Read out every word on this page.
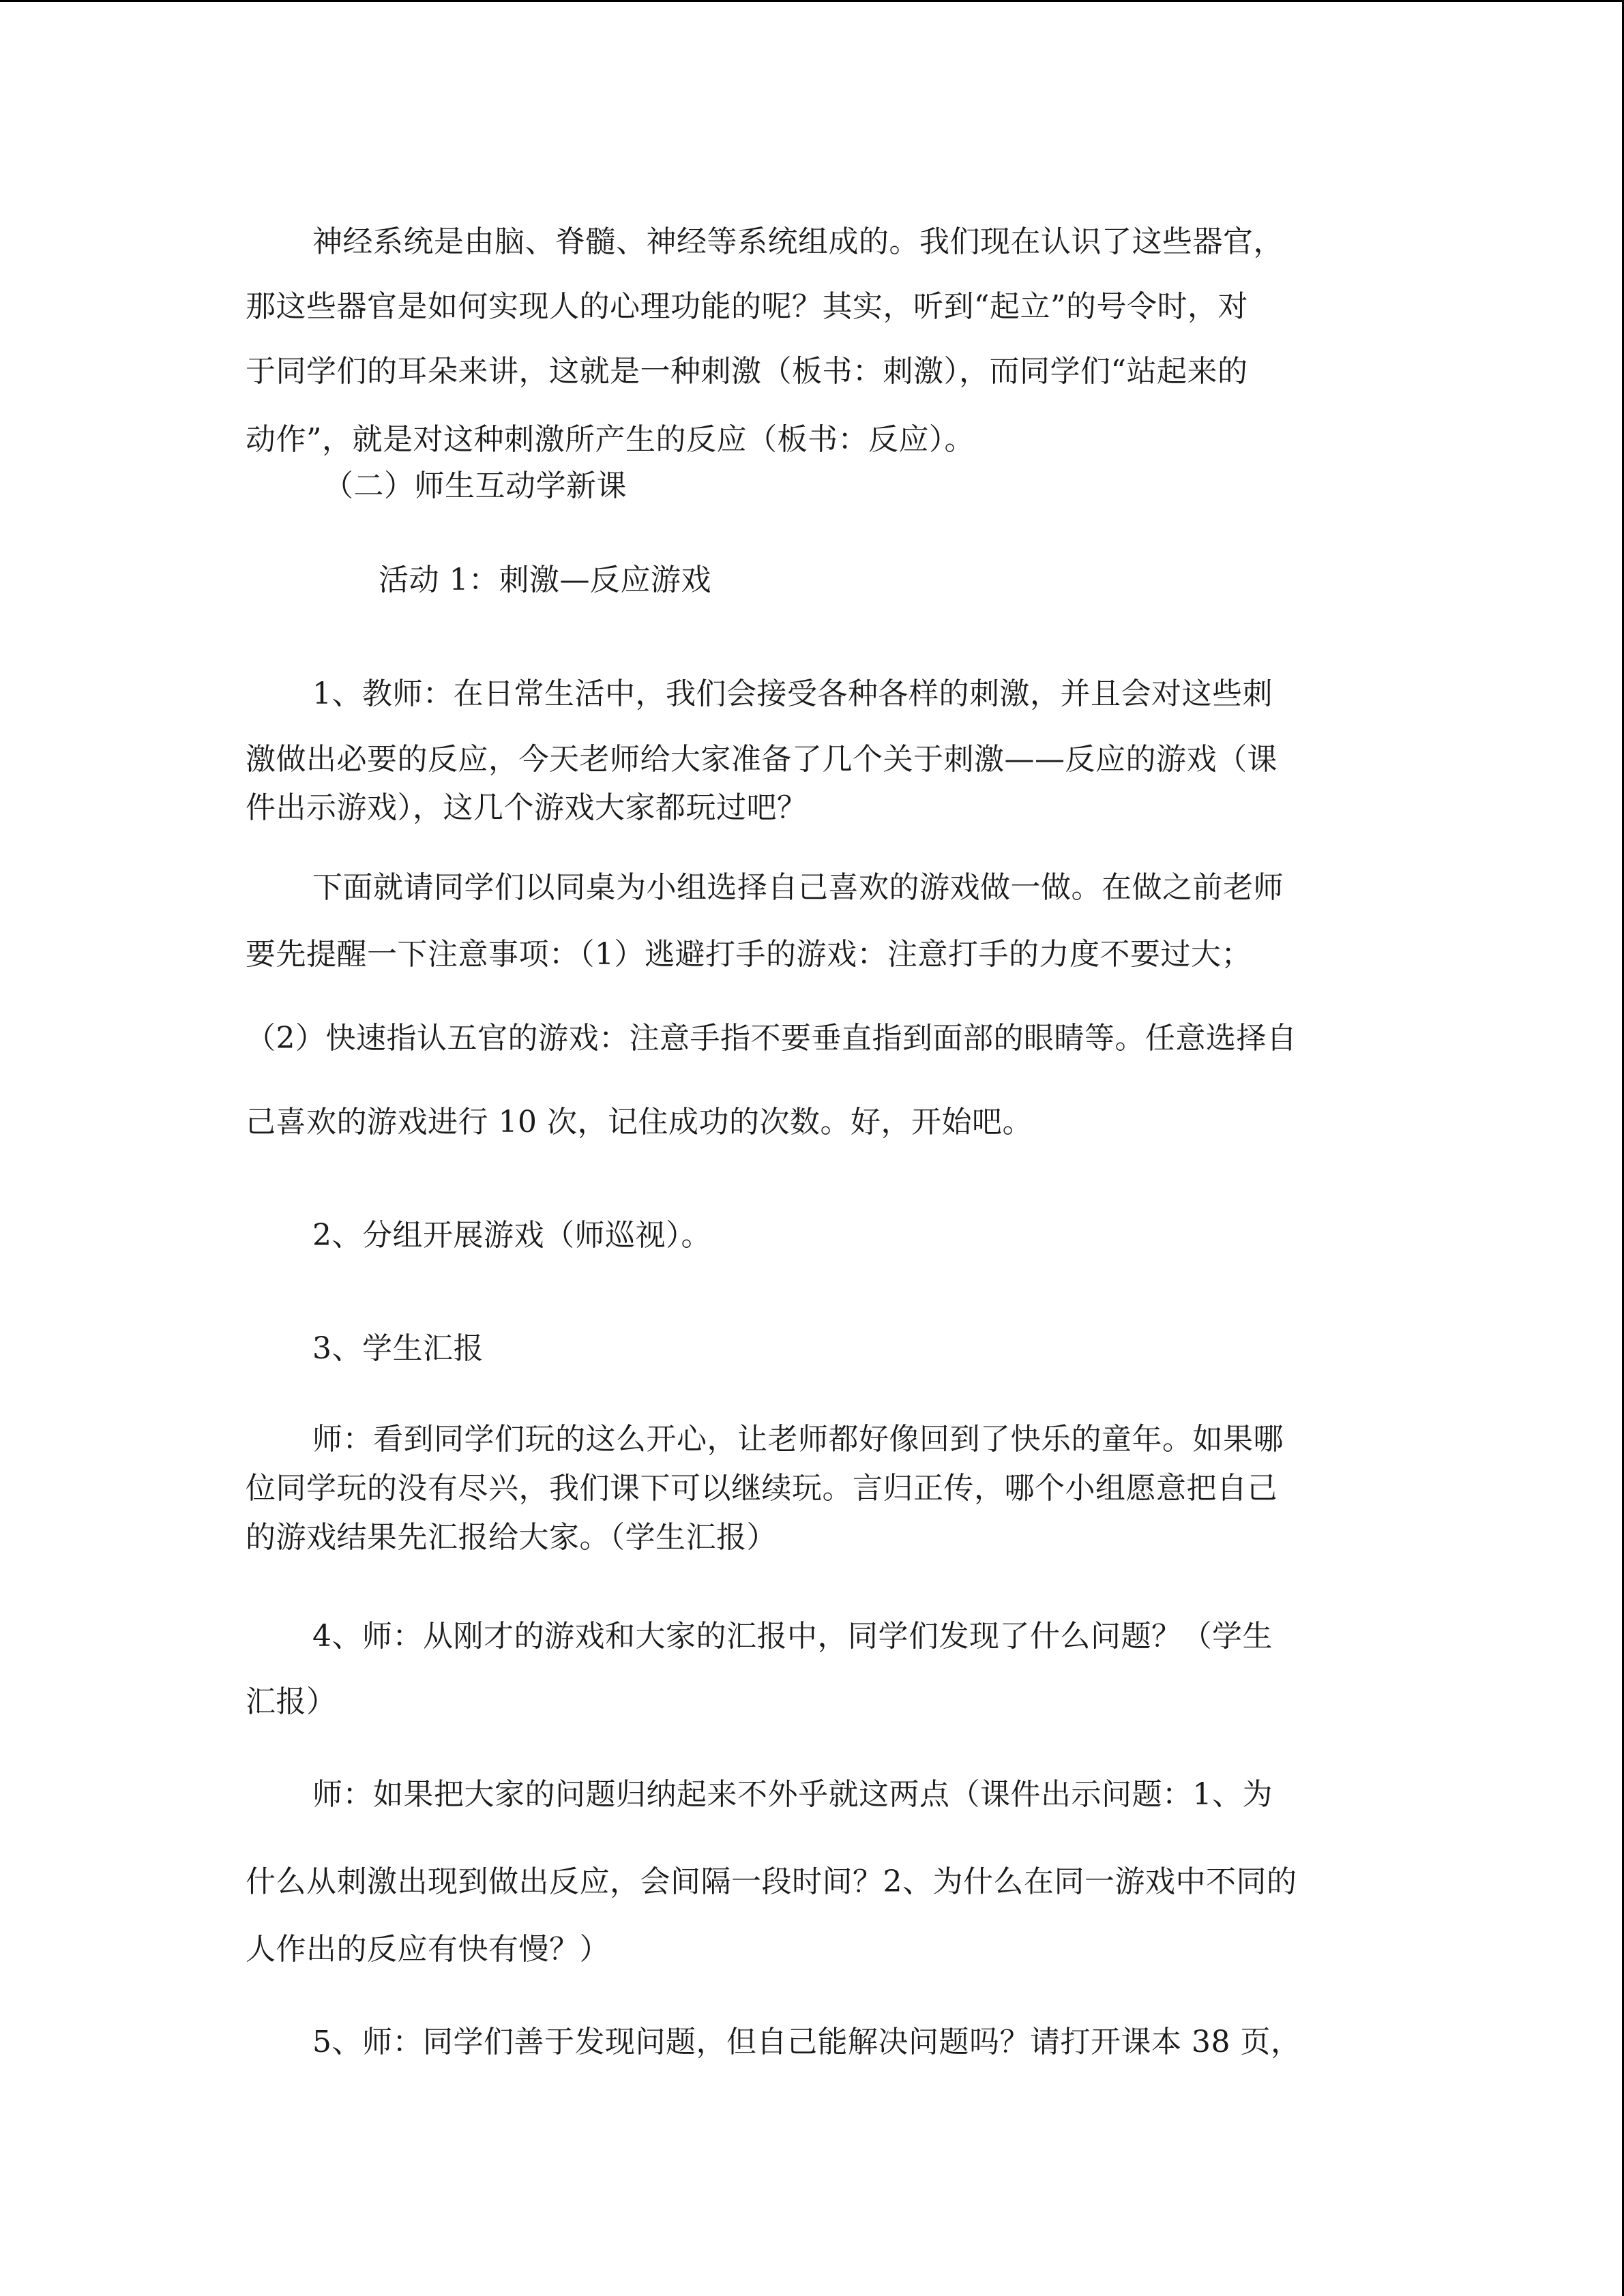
神经系统是由脑、脊髓、神经等系统组成的。我们现在认识了这些器官，
那这些器官是如何实现人的心理功能的呢？其实，听到“起立”的号令时，对
于同学们的耳朵来讲，这就是一种刺激（板书：刺激），而同学们“站起来的
动作”，就是对这种刺激所产生的反应（板书：反应）。
（二）师生互动学新课
活动 1：刺激—反应游戏
1、教师：在日常生活中，我们会接受各种各样的刺激，并且会对这些刺
激做出必要的反应，今天老师给大家准备了几个关于刺激——反应的游戏（课
件出示游戏），这几个游戏大家都玩过吧？
下面就请同学们以同桌为小组选择自己喜欢的游戏做一做。在做之前老师
要先提醒一下注意事项：（1）逃避打手的游戏：注意打手的力度不要过大；
（2）快速指认五官的游戏：注意手指不要垂直指到面部的眼睛等。任意选择自
己喜欢的游戏进行 10 次，记住成功的次数。好，开始吧。
2、分组开展游戏（师巡视）。
3、学生汇报
师：看到同学们玩的这么开心，让老师都好像回到了快乐的童年。如果哪
位同学玩的没有尽兴，我们课下可以继续玩。言归正传，哪个小组愿意把自己
的游戏结果先汇报给大家。（学生汇报）
4、师：从刚才的游戏和大家的汇报中，同学们发现了什么问题？（学生
汇报）
师：如果把大家的问题归纳起来不外乎就这两点（课件出示问题：1、为
什么从刺激出现到做出反应，会间隔一段时间？2、为什么在同一游戏中不同的
人作出的反应有快有慢？）
5、师：同学们善于发现问题，但自己能解决问题吗？请打开课本 38 页，
